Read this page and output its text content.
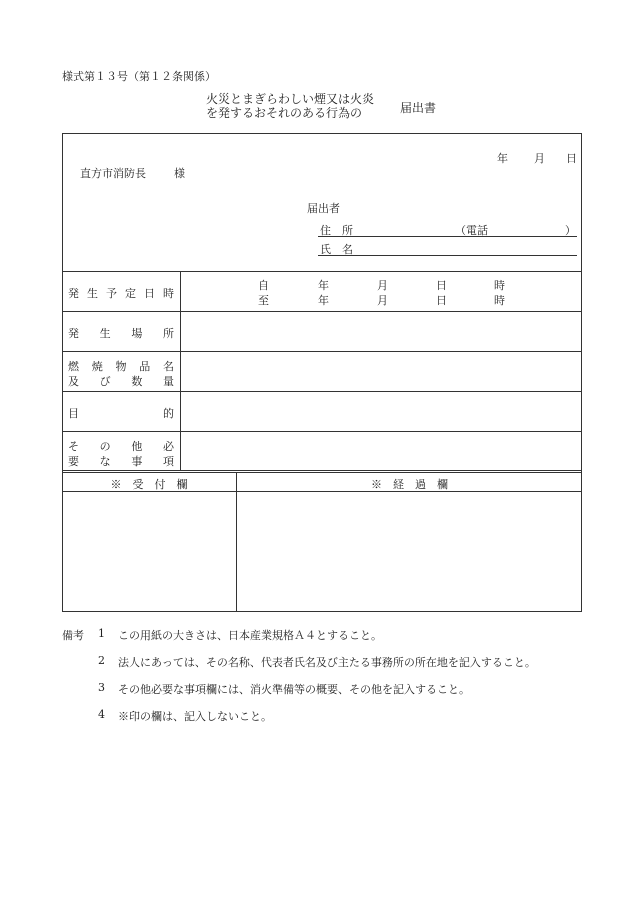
様式第１３号（第１２条関係）
火災とまぎらわしい煙又は火炎
を発するおそれのある行為の	届出書
年 月 日
直方市消防長	様
届出者
住　所	（電話	）
氏　名
発生予定日時
自	年	月	日	時
至	年	月	日	時
発生場所
燃焼物品名
及び数量
目的
その他必
要な事項
※　受　付　欄	※　経　過　欄
備考 1 この用紙の大きさは、日本産業規格Ａ４とすること。
2 法人にあっては、その名称、代表者氏名及び主たる事務所の所在地を記入すること。
3 その他必要な事項欄には、消火準備等の概要、その他を記入すること。
4 ※印の欄は、記入しないこと。
